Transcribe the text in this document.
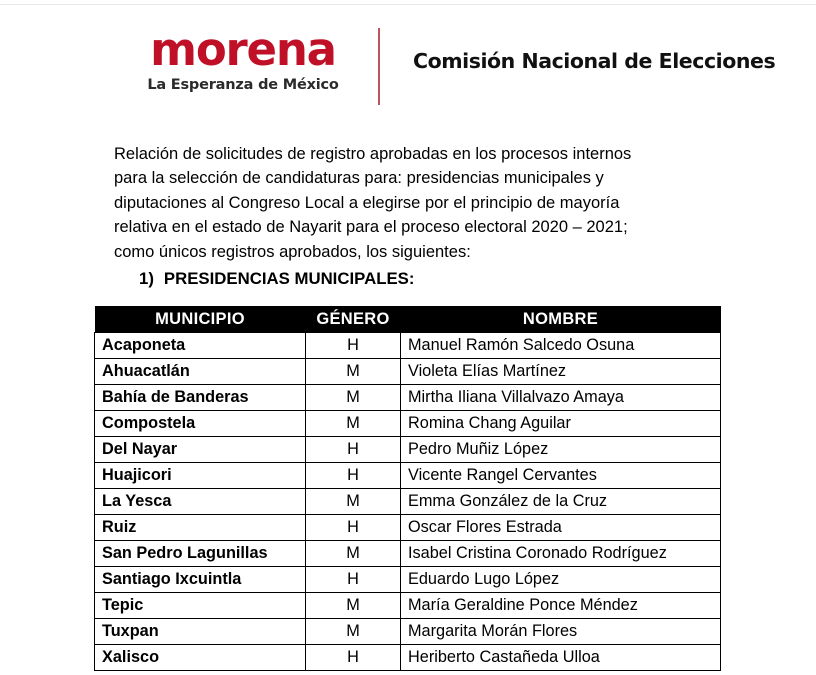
morena
La Esperanza de México
Comisión Nacional de Elecciones
Relación de solicitudes de registro aprobadas en los procesos internos
para la selección de candidaturas para: presidencias municipales y
diputaciones al Congreso Local a elegirse por el principio de mayoría
relativa en el estado de Nayarit para el proceso electoral 2020 – 2021;
como únicos registros aprobados, los siguientes:
1) PRESIDENCIAS MUNICIPALES:
MUNICIPIO	GÉNERO	NOMBRE
Acaponeta	H	Manuel Ramón Salcedo Osuna
Ahuacatlán	M	Violeta Elías Martínez
Bahía de Banderas	M	Mirtha Iliana Villalvazo Amaya
Compostela	M	Romina Chang Aguilar
Del Nayar	H	Pedro Muñiz López
Huajicori	H	Vicente Rangel Cervantes
La Yesca	M	Emma González de la Cruz
Ruiz	H	Oscar Flores Estrada
San Pedro Lagunillas	M	Isabel Cristina Coronado Rodríguez
Santiago Ixcuintla	H	Eduardo Lugo López
Tepic	M	María Geraldine Ponce Méndez
Tuxpan	M	Margarita Morán Flores
Xalisco	H	Heriberto Castañeda Ulloa
